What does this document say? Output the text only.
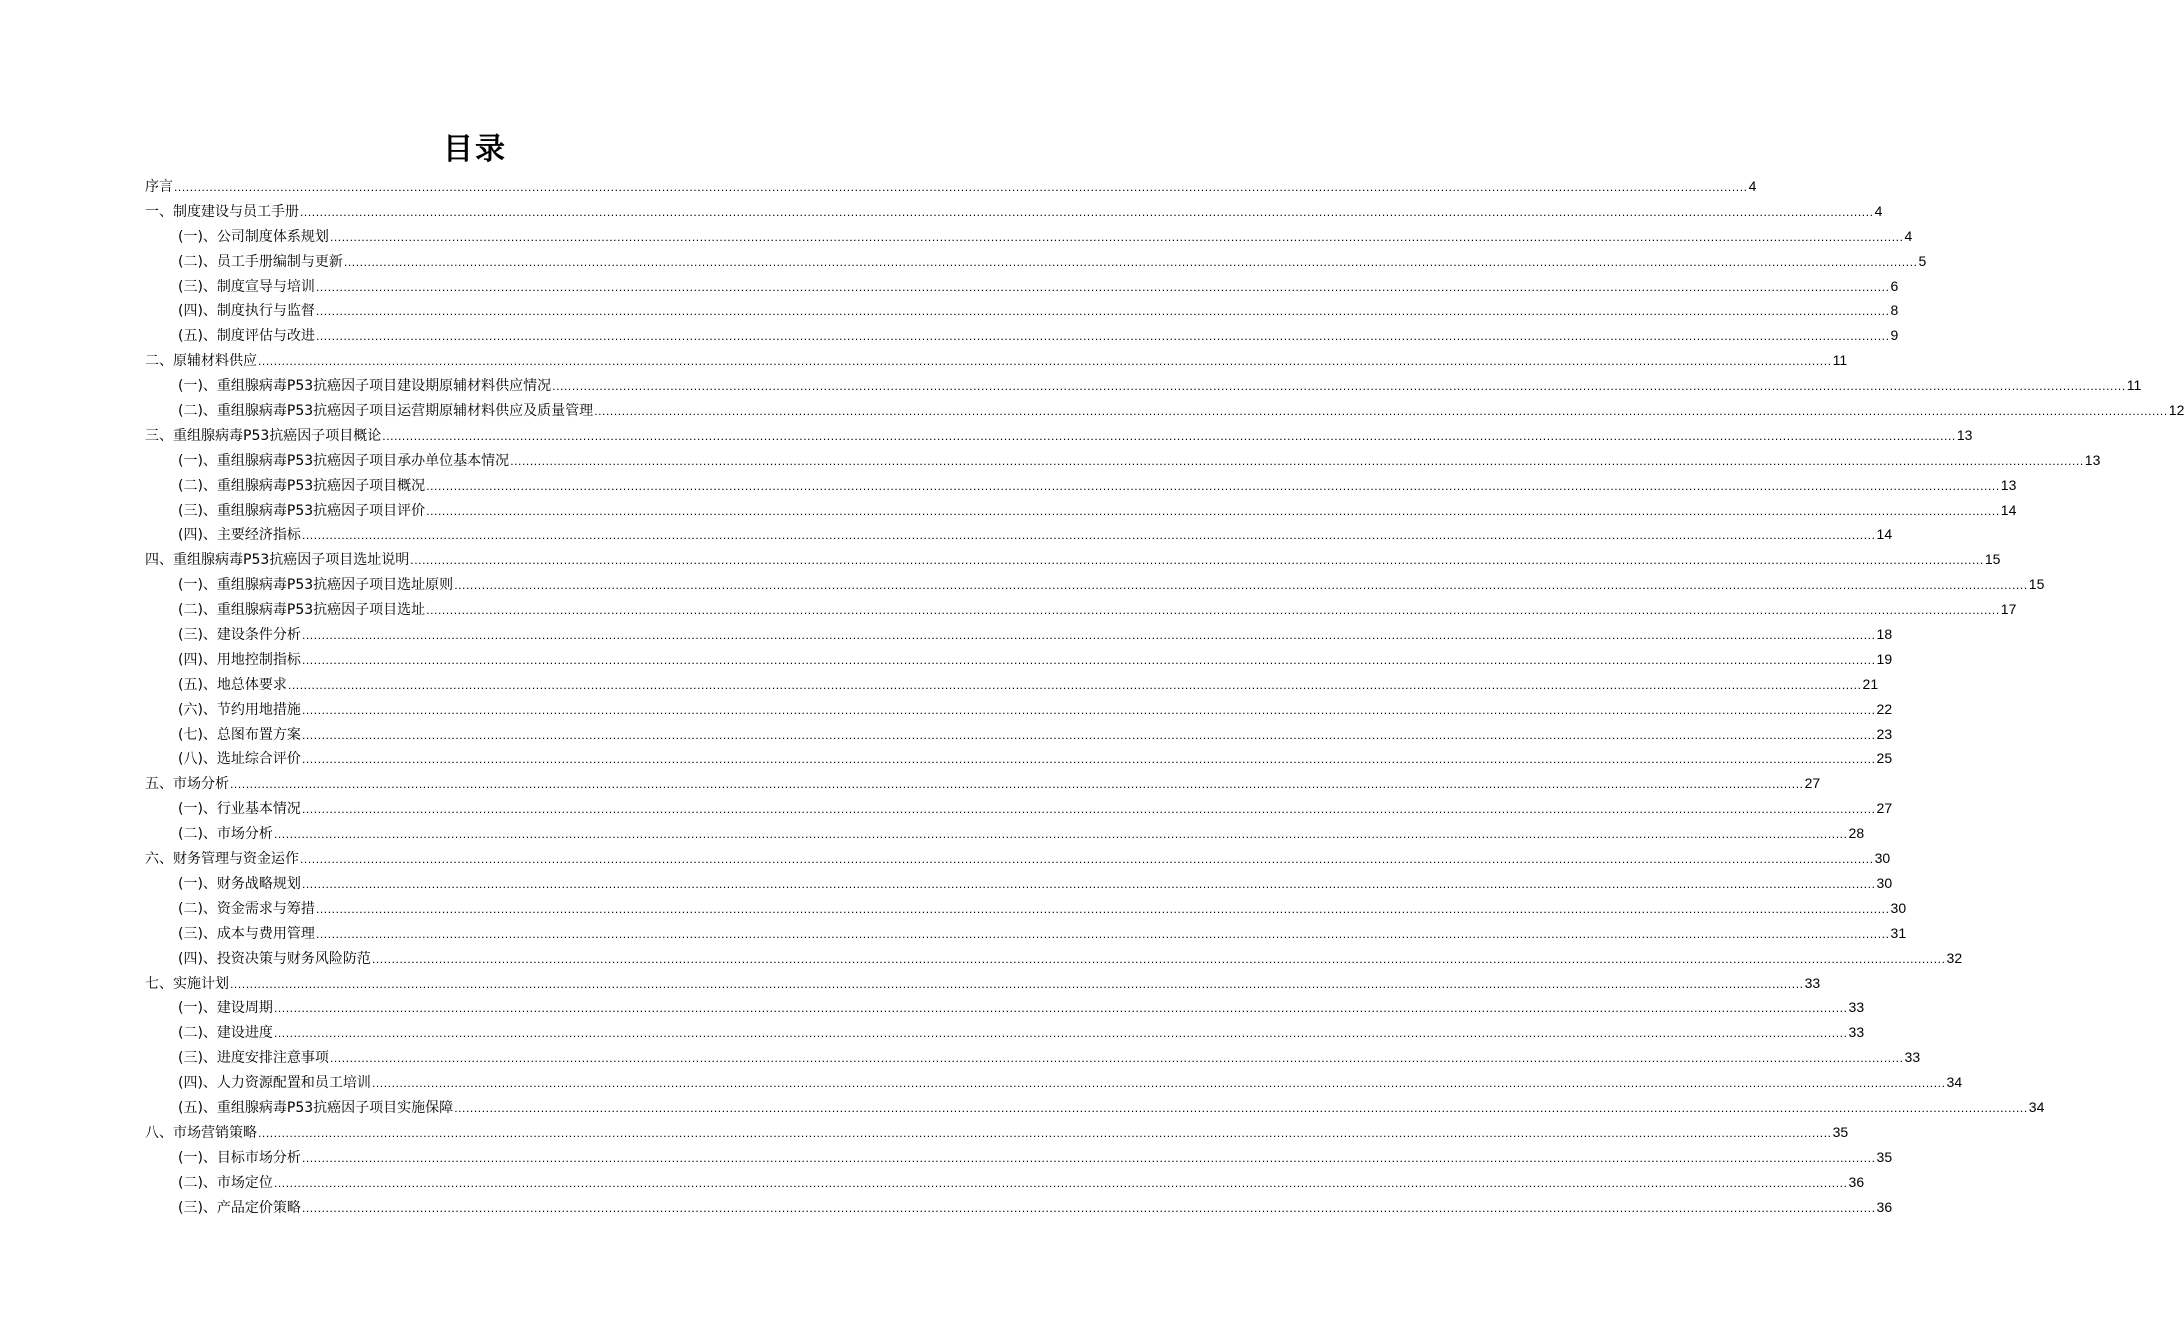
目录
序言 ................................................................................................................................................................................................................................................................................................................................................................................................................ 4
一、制度建设与员工手册 ................................................................................................................................................................................................................................................................................................................................................................................................................ 4
(一)、公司制度体系规划 ................................................................................................................................................................................................................................................................................................................................................................................................................ 4
(二)、员工手册编制与更新 ................................................................................................................................................................................................................................................................................................................................................................................................................ 5
(三)、制度宣导与培训 ................................................................................................................................................................................................................................................................................................................................................................................................................ 6
(四)、制度执行与监督 ................................................................................................................................................................................................................................................................................................................................................................................................................ 8
(五)、制度评估与改进 ................................................................................................................................................................................................................................................................................................................................................................................................................ 9
二、原辅材料供应 ................................................................................................................................................................................................................................................................................................................................................................................................................ 11
(一)、重组腺病毒P53抗癌因子项目建设期原辅材料供应情况 ................................................................................................................................................................................................................................................................................................................................................................................................................ 11
(二)、重组腺病毒P53抗癌因子项目运营期原辅材料供应及质量管理 ................................................................................................................................................................................................................................................................................................................................................................................................................ 12
三、重组腺病毒P53抗癌因子项目概论 ................................................................................................................................................................................................................................................................................................................................................................................................................ 13
(一)、重组腺病毒P53抗癌因子项目承办单位基本情况 ................................................................................................................................................................................................................................................................................................................................................................................................................ 13
(二)、重组腺病毒P53抗癌因子项目概况 ................................................................................................................................................................................................................................................................................................................................................................................................................ 13
(三)、重组腺病毒P53抗癌因子项目评价 ................................................................................................................................................................................................................................................................................................................................................................................................................ 14
(四)、主要经济指标 ................................................................................................................................................................................................................................................................................................................................................................................................................ 14
四、重组腺病毒P53抗癌因子项目选址说明 ................................................................................................................................................................................................................................................................................................................................................................................................................ 15
(一)、重组腺病毒P53抗癌因子项目选址原则 ................................................................................................................................................................................................................................................................................................................................................................................................................ 15
(二)、重组腺病毒P53抗癌因子项目选址 ................................................................................................................................................................................................................................................................................................................................................................................................................ 17
(三)、建设条件分析 ................................................................................................................................................................................................................................................................................................................................................................................................................ 18
(四)、用地控制指标 ................................................................................................................................................................................................................................................................................................................................................................................................................ 19
(五)、地总体要求 ................................................................................................................................................................................................................................................................................................................................................................................................................ 21
(六)、节约用地措施 ................................................................................................................................................................................................................................................................................................................................................................................................................ 22
(七)、总图布置方案 ................................................................................................................................................................................................................................................................................................................................................................................................................ 23
(八)、选址综合评价 ................................................................................................................................................................................................................................................................................................................................................................................................................ 25
五、市场分析 ................................................................................................................................................................................................................................................................................................................................................................................................................ 27
(一)、行业基本情况 ................................................................................................................................................................................................................................................................................................................................................................................................................ 27
(二)、市场分析 ................................................................................................................................................................................................................................................................................................................................................................................................................ 28
六、财务管理与资金运作 ................................................................................................................................................................................................................................................................................................................................................................................................................ 30
(一)、财务战略规划 ................................................................................................................................................................................................................................................................................................................................................................................................................ 30
(二)、资金需求与筹措 ................................................................................................................................................................................................................................................................................................................................................................................................................ 30
(三)、成本与费用管理 ................................................................................................................................................................................................................................................................................................................................................................................................................ 31
(四)、投资决策与财务风险防范 ................................................................................................................................................................................................................................................................................................................................................................................................................ 32
七、实施计划 ................................................................................................................................................................................................................................................................................................................................................................................................................ 33
(一)、建设周期 ................................................................................................................................................................................................................................................................................................................................................................................................................ 33
(二)、建设进度 ................................................................................................................................................................................................................................................................................................................................................................................................................ 33
(三)、进度安排注意事项 ................................................................................................................................................................................................................................................................................................................................................................................................................ 33
(四)、人力资源配置和员工培训 ................................................................................................................................................................................................................................................................................................................................................................................................................ 34
(五)、重组腺病毒P53抗癌因子项目实施保障 ................................................................................................................................................................................................................................................................................................................................................................................................................ 34
八、市场营销策略 ................................................................................................................................................................................................................................................................................................................................................................................................................ 35
(一)、目标市场分析 ................................................................................................................................................................................................................................................................................................................................................................................................................ 35
(二)、市场定位 ................................................................................................................................................................................................................................................................................................................................................................................................................ 36
(三)、产品定价策略 ................................................................................................................................................................................................................................................................................................................................................................................................................ 36
